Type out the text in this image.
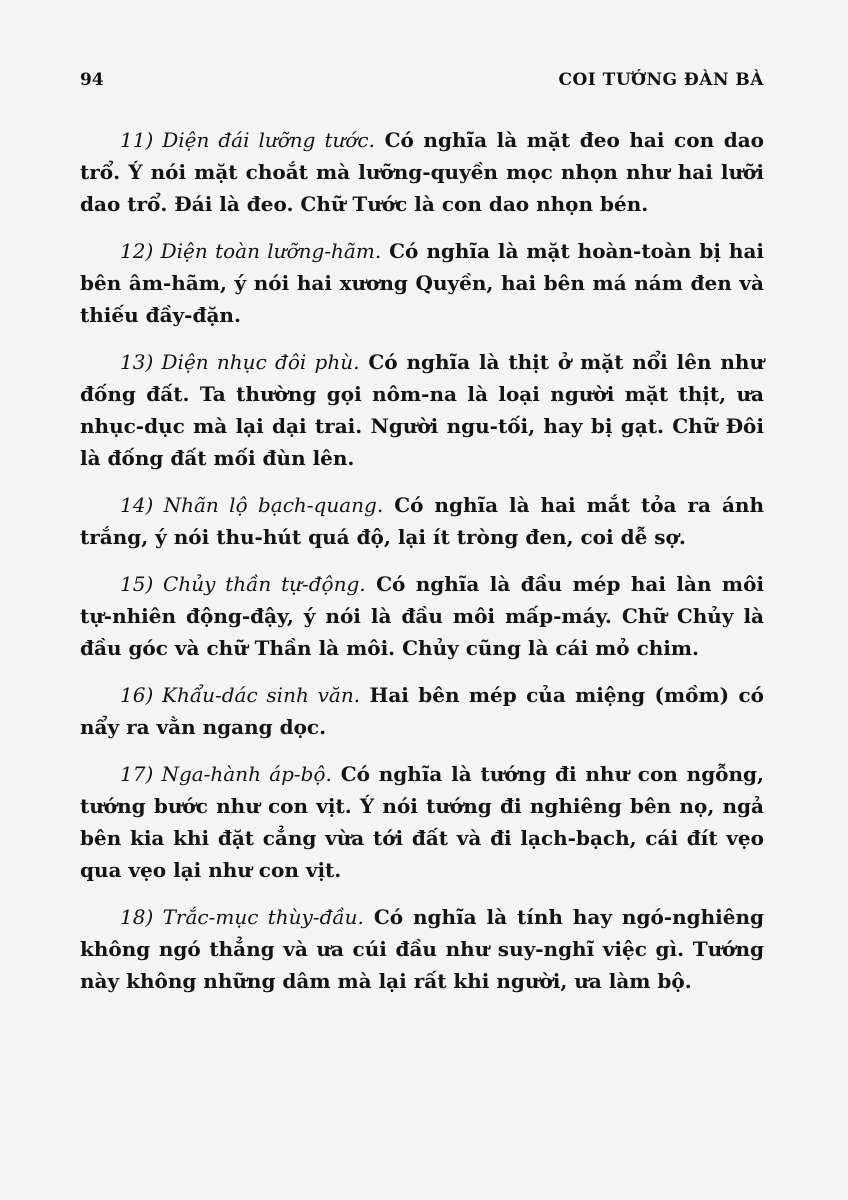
94	COI TƯỚNG ĐÀN BÀ

11) Diện đái lưỡng tước. Có nghĩa là mặt đeo hai con dao trổ. Ý nói mặt choắt mà lưỡng-quyền mọc nhọn như hai lưỡi dao trổ. Đái là đeo. Chữ Tước là con dao nhọn bén.

12) Diện toàn lưỡng-hãm. Có nghĩa là mặt hoàn-toàn bị hai bên âm-hãm, ý nói hai xương Quyền, hai bên má nám đen và thiếu đầy-đặn.

13) Diện nhục đôi phù. Có nghĩa là thịt ở mặt nổi lên như đống đất. Ta thường gọi nôm-na là loại người mặt thịt, ưa nhục-dục mà lại dại trai. Người ngu-tối, hay bị gạt. Chữ Đôi là đống đất mối đùn lên.

14) Nhãn lộ bạch-quang. Có nghĩa là hai mắt tỏa ra ánh trắng, ý nói thu-hút quá độ, lại ít tròng đen, coi dễ sợ.

15) Chủy thần tự-động. Có nghĩa là đầu mép hai làn môi tự-nhiên động-đậy, ý nói là đầu môi mấp-máy. Chữ Chủy là đầu góc và chữ Thần là môi. Chủy cũng là cái mỏ chim.

16) Khẩu-dác sinh văn. Hai bên mép của miệng (mồm) có nẩy ra vằn ngang dọc.

17) Nga-hành áp-bộ. Có nghĩa là tướng đi như con ngỗng, tướng bước như con vịt. Ý nói tướng đi nghiêng bên nọ, ngả bên kia khi đặt cẳng vừa tới đất và đi lạch-bạch, cái đít vẹo qua vẹo lại như con vịt.

18) Trắc-mục thùy-đầu. Có nghĩa là tính hay ngó-nghiêng không ngó thẳng và ưa cúi đầu như suy-nghĩ việc gì. Tướng này không những dâm mà lại rất khi người, ưa làm bộ.
